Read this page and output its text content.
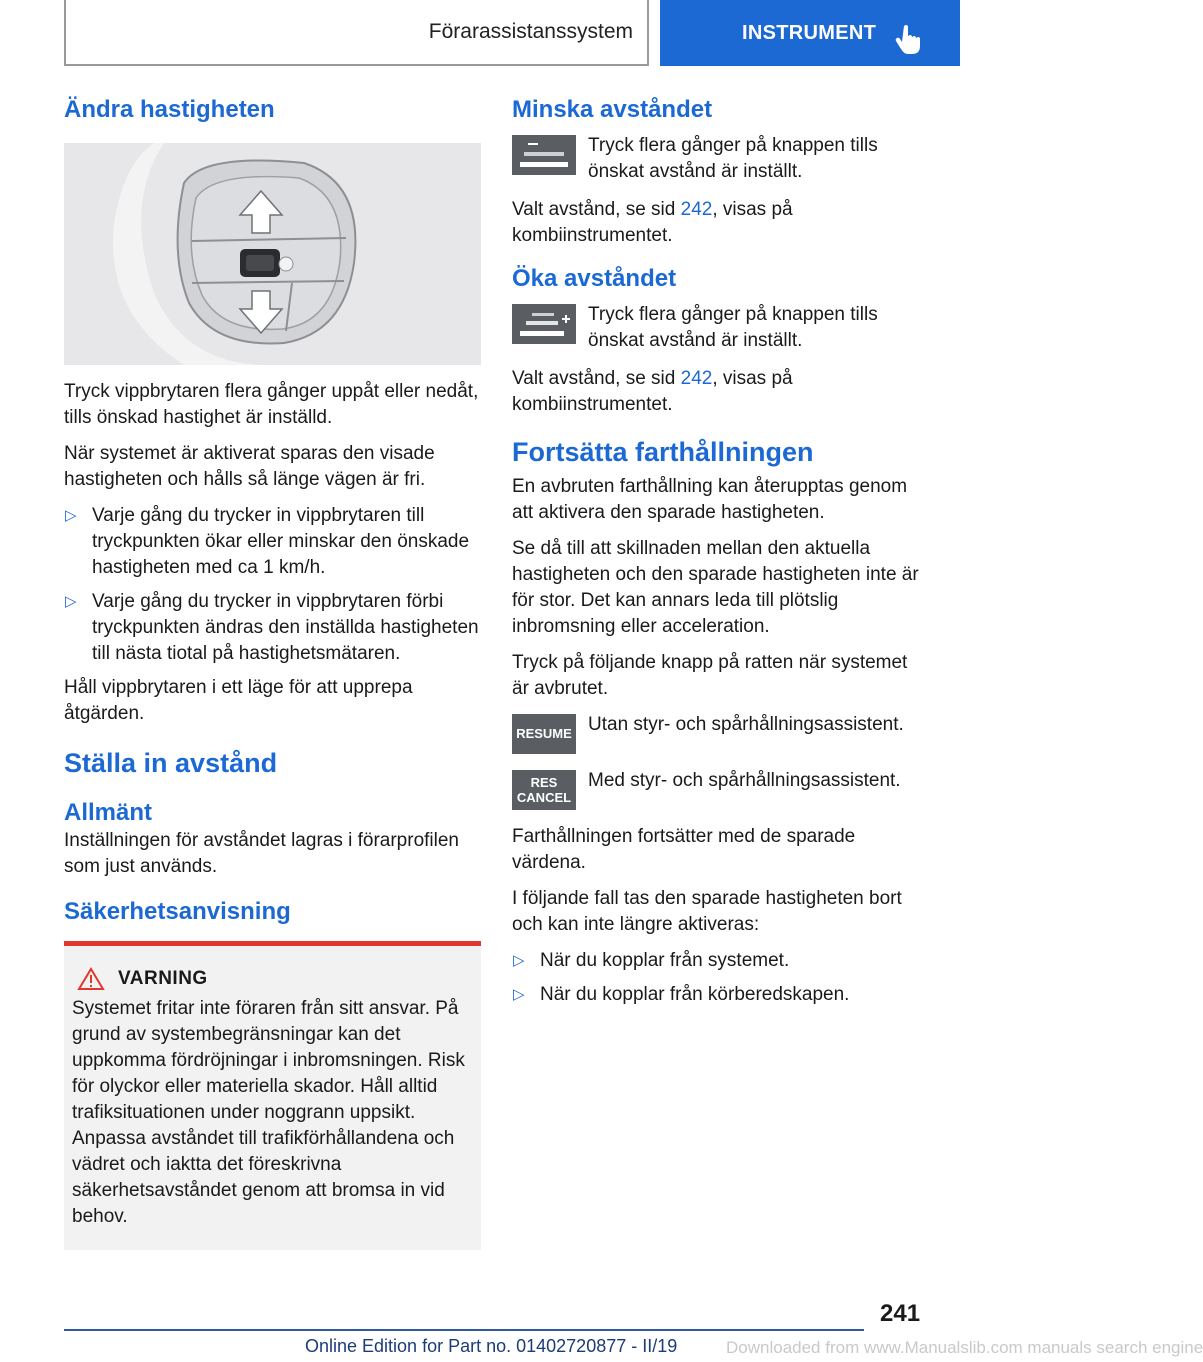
Förarassistanssystem	INSTRUMENT
Ändra hastigheten

Tryck vippbrytaren flera gånger uppåt eller nedåt, tills önskad hastighet är inställd.

När systemet är aktiverat sparas den visade hastigheten och hålls så länge vägen är fri.

▷ Varje gång du trycker in vippbrytaren till tryckpunkten ökar eller minskar den önskade hastigheten med ca 1 km/h.
▷ Varje gång du trycker in vippbrytaren förbi tryckpunkten ändras den inställda hastigheten till nästa tiotal på hastighetsmätaren.

Håll vippbrytaren i ett läge för att upprepa åtgärden.

Ställa in avstånd
Allmänt

Inställningen för avståndet lagras i förarprofilen som just används.

Säkerhetsanvisning
VARNING

Systemet fritar inte föraren från sitt ansvar. På grund av systembegränsningar kan det uppkomma fördröjningar i inbromsningen. Risk för olyckor eller materiella skador. Håll alltid trafiksituationen under noggrann uppsikt. Anpassa avståndet till trafikförhållandena och vädret och iaktta det föreskrivna säkerhetsavståndet genom att bromsa in vid behov.

Minska avståndet
Tryck flera gånger på knappen tills önskat avstånd är inställt.

Valt avstånd, se sid 242, visas på kombiinstrumentet.

Öka avståndet
Tryck flera gånger på knappen tills önskat avstånd är inställt.

Valt avstånd, se sid 242, visas på kombiinstrumentet.

Fortsätta farthållningen

En avbruten farthållning kan återupptas genom att aktivera den sparade hastigheten.

Se då till att skillnaden mellan den aktuella hastigheten och den sparade hastigheten inte är för stor. Det kan annars leda till plötslig inbromsning eller acceleration.

Tryck på följande knapp på ratten när systemet är avbrutet.

RESUME Utan styr- och spårhållningsassistent.
RES
CANCEL
Med styr- och spårhållningsassistent.

Farthållningen fortsätter med de sparade värdena.

I följande fall tas den sparade hastigheten bort och kan inte längre aktiveras:

▷ När du kopplar från systemet.
▷ När du kopplar från körberedskapen.
241
Online Edition for Part no. 01402720877 - II/19	Downloaded from www.Manualslib.com manuals search engine
